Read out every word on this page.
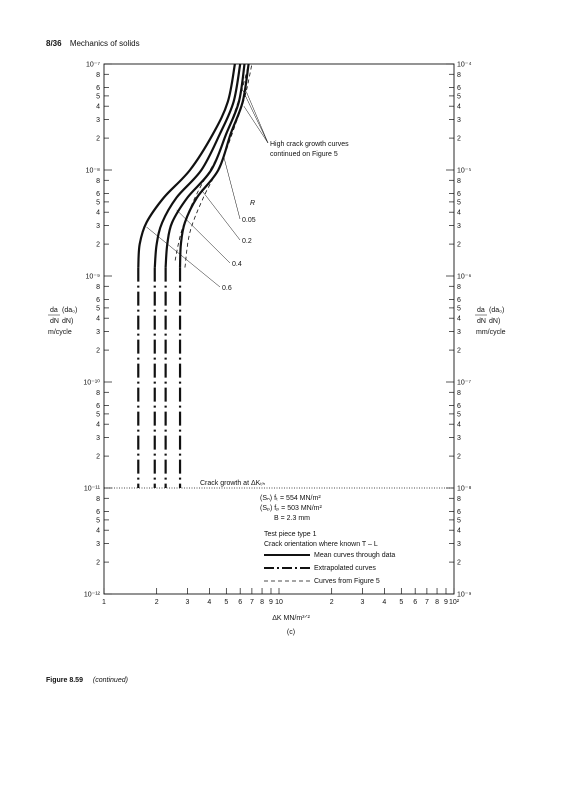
8/36 Mechanics of solids
1	2	3	4 5 6 7 8 9 10	2	3	4 5 6 7 8 9 10²
10⁻⁷
8
6
5
4
3
2
10⁻⁸
8
6
5
4
3
2
10⁻⁹
8
6
5
4
3
2
10⁻¹⁰
8
6
5
4
3
2
10⁻¹¹
8
6
5
4
3
2
10⁻¹²
10⁻⁴
8
6
5
4
3
2
10⁻⁵
8
6
5
4
3
2
10⁻⁶
8
6
5
4
3
2
10⁻⁷
8
6
5
4
3
2
10⁻⁸
8
6
5
4
3
2
10⁻⁹
ΔK MN/m³ᐟ²
(c)
da
dN
(da₀)
dN)
m/cycle
da
dN
(da₀)
dN)
mm/cycle
R
0.05
0.2
0.4
0.6
High crack growth curves
continued on Figure 5
Crack growth at ΔKₜₕ
(Sₙ) fₜ = 554 MN/m²
(Sₚ) fₚ = 503 MN/m²
B = 2.3 mm
Test piece type 1
Crack orientation where known T – L
Mean curves through data
Extrapolated curves
Curves from Figure 5
Figure 8.59 (continued)
